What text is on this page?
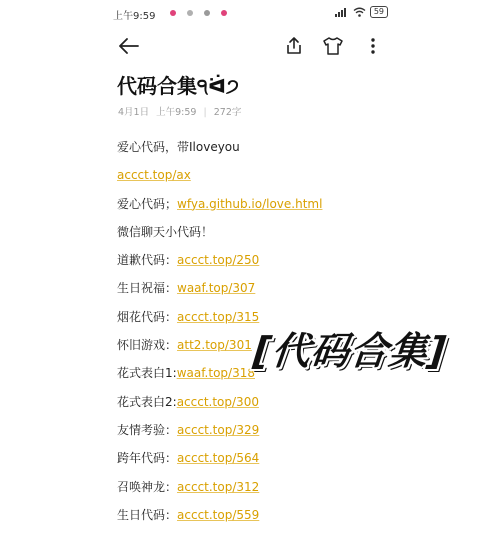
上午9:59	59
代码合集੧ᐛ੭
4月1日 上午9:59 | 272字
爱心代码，带Iloveyou
accct.top/ax
爱心代码；wfya.github.io/love.html
微信聊天小代码！
道歉代码：accct.top/250
生日祝福：waaf.top/307
烟花代码：accct.top/315
怀旧游戏：att2.top/301
花式表白1:waaf.top/318
花式表白2:accct.top/300
友情考验：accct.top/329
跨年代码：accct.top/564
召唤神龙：accct.top/312
生日代码：accct.top/559
[代码合集]
